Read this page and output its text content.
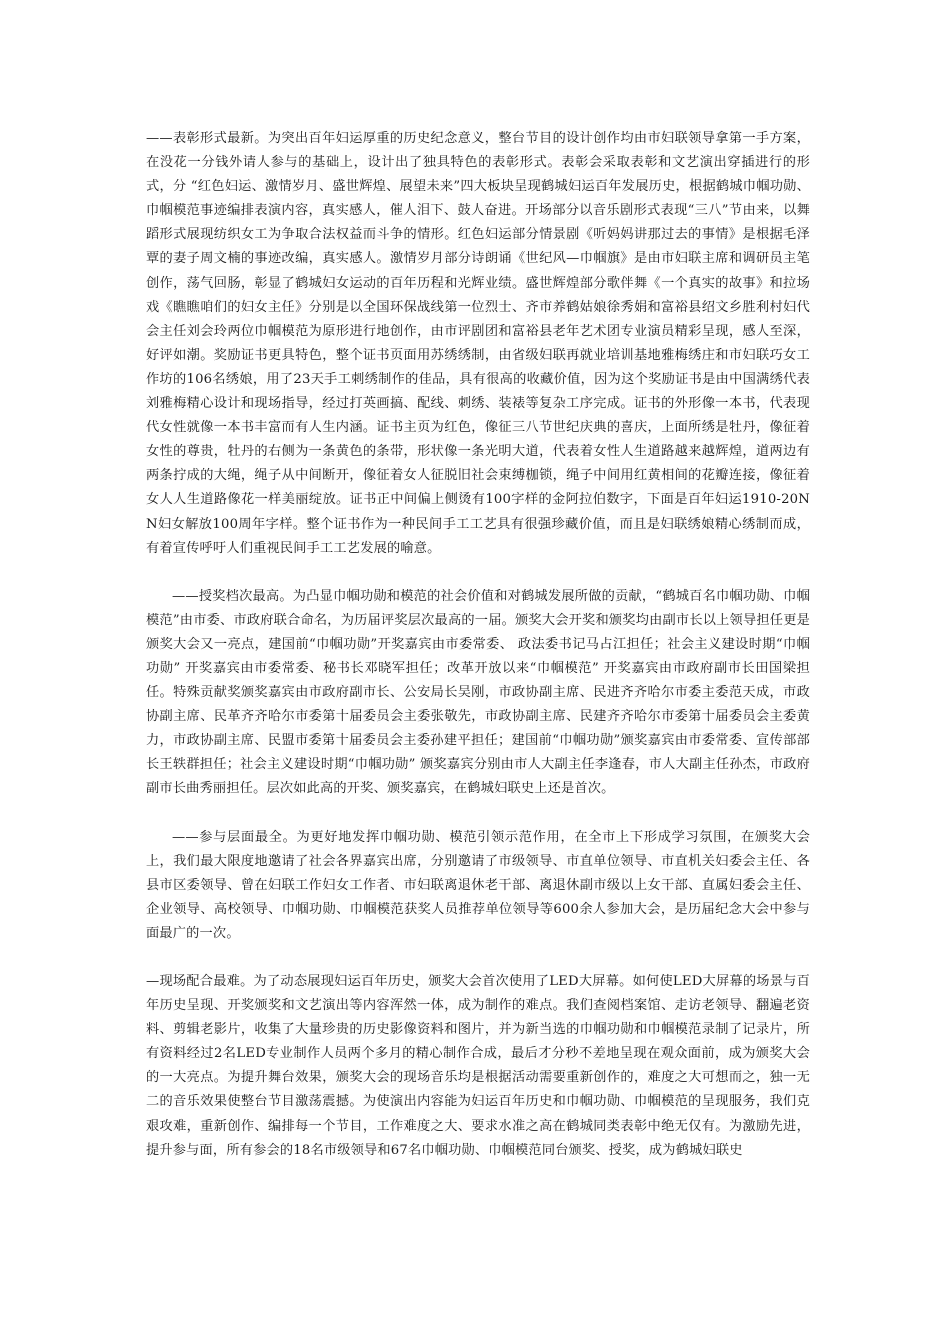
——表彰形式最新。为突出百年妇运厚重的历史纪念意义，整台节目的设计创作均由市妇联领导拿第一手方案，在没花一分钱外请人参与的基础上，设计出了独具特色的表彰形式。表彰会采取表彰和文艺演出穿插进行的形式，分 “红色妇运、激情岁月、盛世辉煌、展望未来”四大板块呈现鹤城妇运百年发展历史，根据鹤城巾帼功勋、巾帼模范事迹编排表演内容，真实感人，催人泪下、鼓人奋进。开场部分以音乐剧形式表现“三八”节由来，以舞蹈形式展现纺织女工为争取合法权益而斗争的情形。红色妇运部分情景剧《听妈妈讲那过去的事情》是根据毛泽覃的妻子周文楠的事迹改编，真实感人。激情岁月部分诗朗诵《世纪风—巾帼旗》是由市妇联主席和调研员主笔创作，荡气回肠，彰显了鹤城妇女运动的百年历程和光辉业绩。盛世辉煌部分歌伴舞《一个真实的故事》和拉场戏《瞧瞧咱们的妇女主任》分别是以全国环保战线第一位烈士、齐市养鹤姑娘徐秀娟和富裕县绍文乡胜利村妇代会主任刘会玲两位巾帼模范为原形进行地创作，由市评剧团和富裕县老年艺术团专业演员精彩呈现，感人至深，好评如潮。奖励证书更具特色，整个证书页面用苏绣绣制，由省级妇联再就业培训基地雅梅绣庄和市妇联巧女工作坊的106名绣娘，用了23天手工刺绣制作的佳品，具有很高的收藏价值，因为这个奖励证书是由中国满绣代表刘雅梅精心设计和现场指导，经过打英画搞、配线、刺绣、装裱等复杂工序完成。证书的外形像一本书，代表现代女性就像一本书丰富而有人生内涵。证书主页为红色，像征三八节世纪庆典的喜庆，上面所绣是牡丹，像征着女性的尊贵，牡丹的右侧为一条黄色的条带，形状像一条光明大道，代表着女性人生道路越来越辉煌，道两边有两条拧成的大绳，绳子从中间断开，像征着女人征脱旧社会束缚枷锁，绳子中间用红黄相间的花瓣连接，像征着女人人生道路像花一样美丽绽放。证书正中间偏上侧烫有100字样的金阿拉伯数字，下面是百年妇运1910-20NN妇女解放100周年字样。整个证书作为一种民间手工工艺具有很强珍藏价值，而且是妇联绣娘精心绣制而成，有着宣传呼吁人们重视民间手工工艺发展的喻意。

——授奖档次最高。为凸显巾帼功勋和模范的社会价值和对鹤城发展所做的贡献，“鹤城百名巾帼功勋、巾帼模范”由市委、市政府联合命名，为历届评奖层次最高的一届。颁奖大会开奖和颁奖均由副市长以上领导担任更是颁奖大会又一亮点，建国前“巾帼功勋”开奖嘉宾由市委常委、 政法委书记马占江担任；社会主义建设时期“巾帼功勋” 开奖嘉宾由市委常委、秘书长邓晓军担任；改革开放以来“巾帼模范” 开奖嘉宾由市政府副市长田国梁担任。特殊贡献奖颁奖嘉宾由市政府副市长、公安局长吴刚，市政协副主席、民进齐齐哈尔市委主委范天成，市政协副主席、民革齐齐哈尔市委第十届委员会主委张敬先，市政协副主席、民建齐齐哈尔市委第十届委员会主委黄力，市政协副主席、民盟市委第十届委员会主委孙建平担任；建国前“巾帼功勋”颁奖嘉宾由市委常委、宣传部部长王轶群担任；社会主义建设时期“巾帼功勋” 颁奖嘉宾分别由市人大副主任李逢春，市人大副主任孙杰，市政府副市长曲秀丽担任。层次如此高的开奖、颁奖嘉宾，在鹤城妇联史上还是首次。

——参与层面最全。为更好地发挥巾帼功勋、模范引领示范作用，在全市上下形成学习氛围，在颁奖大会上，我们最大限度地邀请了社会各界嘉宾出席，分别邀请了市级领导、市直单位领导、市直机关妇委会主任、各县市区委领导、曾在妇联工作妇女工作者、市妇联离退休老干部、离退休副市级以上女干部、直属妇委会主任、企业领导、高校领导、巾帼功勋、巾帼模范获奖人员推荐单位领导等600余人参加大会，是历届纪念大会中参与面最广的一次。

—现场配合最难。为了动态展现妇运百年历史，颁奖大会首次使用了LED大屏幕。如何使LED大屏幕的场景与百年历史呈现、开奖颁奖和文艺演出等内容浑然一体，成为制作的难点。我们查阅档案馆、走访老领导、翻遍老资料、剪辑老影片，收集了大量珍贵的历史影像资料和图片，并为新当选的巾帼功勋和巾帼模范录制了记录片，所有资料经过2名LED专业制作人员两个多月的精心制作合成，最后才分秒不差地呈现在观众面前，成为颁奖大会的一大亮点。为提升舞台效果，颁奖大会的现场音乐均是根据活动需要重新创作的，难度之大可想而之，独一无二的音乐效果使整台节目激荡震撼。为使演出内容能为妇运百年历史和巾帼功勋、巾帼模范的呈现服务，我们克艰攻难，重新创作、编排每一个节目，工作难度之大、要求水准之高在鹤城同类表彰中绝无仅有。为激励先进，提升参与面，所有参会的18名市级领导和67名巾帼功勋、巾帼模范同台颁奖、授奖，成为鹤城妇联史
